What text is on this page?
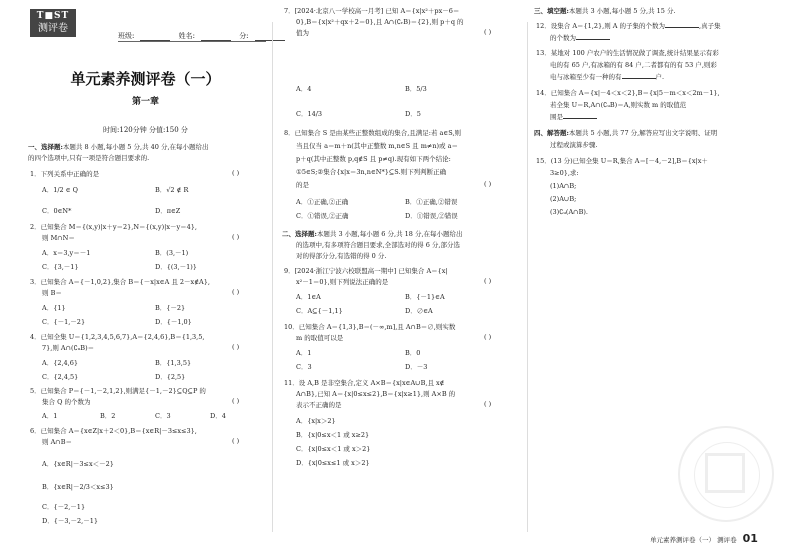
T■ST
测评卷
班级:	姓名:	分:
单元素养测评卷（一）
第一章
时间:120分钟 分值:150 分
一、选择题:本题共 8 小题,每小题 5 分,共 40 分,在每小题给出
的四个选项中,只有一项是符合题目要求的.
1．下列关系中正确的是	( )
A．1/2 ∈ Q	B．√2 ∉ R
C．0∈N*	D．π∈Z
2．已知集合 M＝{(x,y)|x＋y＝2},N＝{(x,y)|x－y＝4},
则 M∩N＝	( )
A．x＝3,y＝－1	B．(3,－1)
C．{3,－1}	D．{(3,－1)}
3．已知集合 A＝{－1,0,2},集合 B＝{－x|x∈A 且 2－x∉A},
则 B＝	( )
A．{1}	B．{－2}
C．{－1,－2}	D．{－1,0}
4．已知全集 U＝{1,2,3,4,5,6,7},A＝{2,4,6},B＝{1,3,5,
7},则 A∩(∁ᵤB)＝	( )
A．{2,4,6}	B．{1,3,5}
C．{2,4,5}	D．{2,5}
5．已知集合 P＝{－1,－2,1,2},则满足{－1,－2}⊆Q⊆P 的
集合 Q 的个数为	( )
A．1	B．2	C．3	D．4
6．已知集合 A＝{x∈Z|x＋2＜0},B＝{x∈R|－3≤x≤3},
则 A∩B＝	( )
A．{x∈R|－3≤x＜－2}
B．{x∈R|－2/3＜x≤3}
C．{－2,－1}
D．{－3,－2,－1}
7．[2024·北京八一学校高一月考] 已知 A＝{x|x²＋px－6＝
0},B＝{x|x²＋qx＋2＝0},且 A∩(∁ᵣB)＝{2},则 p＋q 的
值为	( )
A．4	B．5/3
C．14/3	D．5
8．已知集合 S 是由某些正整数组成的集合,且满足:若 a∈S,则
当且仅当 a＝m＋n(其中正整数 m,n∈S 且 m≠n)或 a＝
p＋q(其中正整数 p,q∉S 且 p≠q).现有如下两个结论:
①5∈S;②集合{x|x＝3n,n∈N*}⊆S.则下列判断正确
的是	( )
A．①正确,②正确	B．①正确,②错误
C．①错误,②正确	D．①错误,②错误
二、选择题:本题共 3 小题,每小题 6 分,共 18 分,在每小题给出
的选项中,有多项符合题目要求,全部选对的得 6 分,部分选
对的得部分分,有选错的得 0 分.
9．[2024·浙江宁波六校联盟高一期中] 已知集合 A＝{x|
x²－1＝0},则下列说法正确的是	( )
A．1∈A	B．{－1}∈A
C．A⊆{－1,1}	D．∅∈A
10．已知集合 A＝{1,3},B＝(－∞,m],且 A∩B＝∅,则实数
m 的取值可以是	( )
A．1	B．0
C．3	D．－3
11．设 A,B 是非空集合,定义 A×B＝{x|x∈A∪B,且 x∉
A∩B},已知 A＝{x|0≤x≤2},B＝{x|x≥1},则 A×B 的
表示不正确的是	( )
A．{x|x＞2}
B．{x|0≤x＜1 或 x≥2}
C．{x|0≤x＜1 或 x＞2}
D．{x|0≤x≤1 或 x＞2}
三、填空题:本题共 3 小题,每小题 5 分,共 15 分.
12．设集合 A＝{1,2},则 A 的子集的个数为	,真子集
的个数为
13．某地对 100 户农户的生活情况做了调查,统计结果显示有彩
电的有 65 户,有冰箱的有 84 户,二者都有的有 53 户,则彩
电与冰箱至少有一种的有	户.
14．已知集合 A＝{x|－4＜x＜2},B＝{x|5－m＜x＜2m－1},
若全集 U＝R,A∩(∁ᵤB)＝A,则实数 m 的取值范
围是
四、解答题:本题共 5 小题,共 77 分,解答应写出文字说明、证明
过程或演算步骤.
15．(13 分)已知全集 U＝R,集合 A＝[－4,－2],B＝{x|x＋
3≥0},求:
(1)A∩B;
(2)A∪B;
(3)∁ᵤ(A∩B).
单元素养测评卷（一） 测评卷 01
